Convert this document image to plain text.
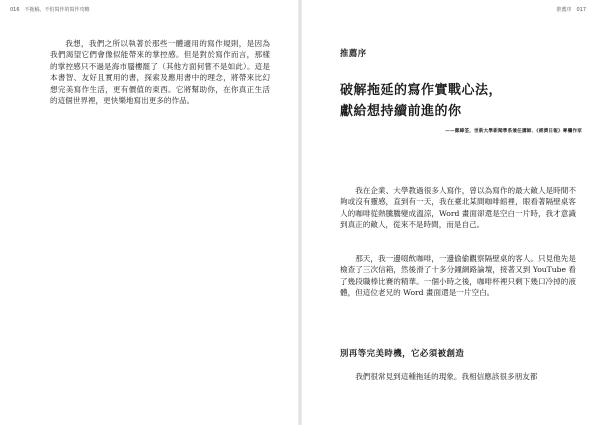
016　不拖稿、不怕寫作的寫作攻略

我想，我們之所以執著於那些一體適用的寫作規則，是因為我們渴望它們會像似能帶來的掌控感。但是對於寫作而言，那樣的掌控感只不過是海市蜃樓罷了（其他方面何嘗不是如此）。這是本書智、友好且實用的書，探索及應用書中的理念，將帶來比幻想完美寫作生活，更有價值的東西。它將幫助你，在你真正生活的這個世界裡，更快樂地寫出更多的作品。

推薦序　017
推薦序
破解拖延的寫作實戰心法，
獻給想持續前進的你
——鄭緯筌，世新大學新聞學系兼任講師、《經濟日報》專欄作家

我在企業、大學教過很多人寫作，曾以為寫作的最大敵人是時間不夠或沒有靈感，直到有一天，我在臺北某間咖啡館裡，眼看著隔壁桌客人的咖啡從熱騰騰變成溫涼，Word 畫面卻還是空白一片時，我才意識到真正的敵人，從來不是時間，而是自己。

那天，我一邊啜飲咖啡，一邊偷偷觀察隔壁桌的客人。只見他先是檢查了三次信箱，然後滑了十多分鐘網路論壇，接著又到 YouTube 看了幾段職棒比賽的精華。一個小時之後，咖啡杯裡只剩下幾口冷掉的液體，但這位老兄的 Word 畫面還是一片空白。

別再等完美時機，它必須被創造

我們很常見到這種拖延的現象。我相信應該很多朋友都
